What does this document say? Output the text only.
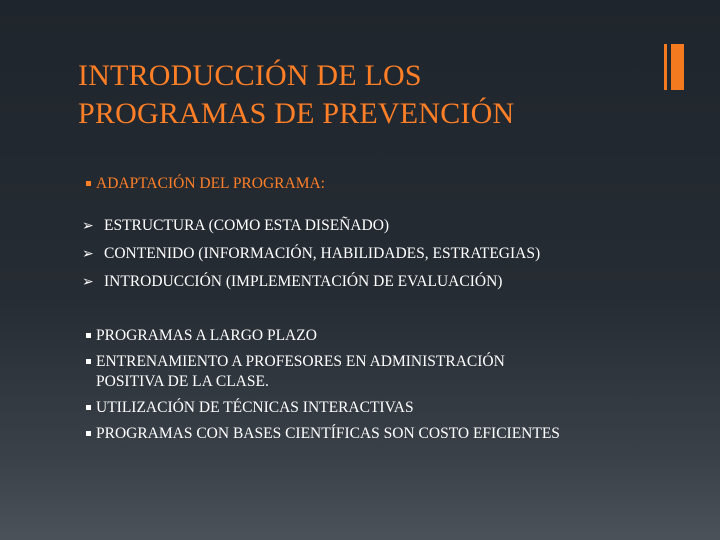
INTRODUCCIÓN DE LOS
PROGRAMAS DE PREVENCIÓN
ADAPTACIÓN DEL PROGRAMA:
➢ ESTRUCTURA (COMO ESTA DISEÑADO)
➢ CONTENIDO (INFORMACIÓN, HABILIDADES, ESTRATEGIAS)
➢ INTRODUCCIÓN (IMPLEMENTACIÓN DE EVALUACIÓN)
PROGRAMAS A LARGO PLAZO
ENTRENAMIENTO A PROFESORES EN ADMINISTRACIÓN
POSITIVA DE LA CLASE.
UTILIZACIÓN DE TÉCNICAS INTERACTIVAS
PROGRAMAS CON BASES CIENTÍFICAS SON COSTO EFICIENTES
